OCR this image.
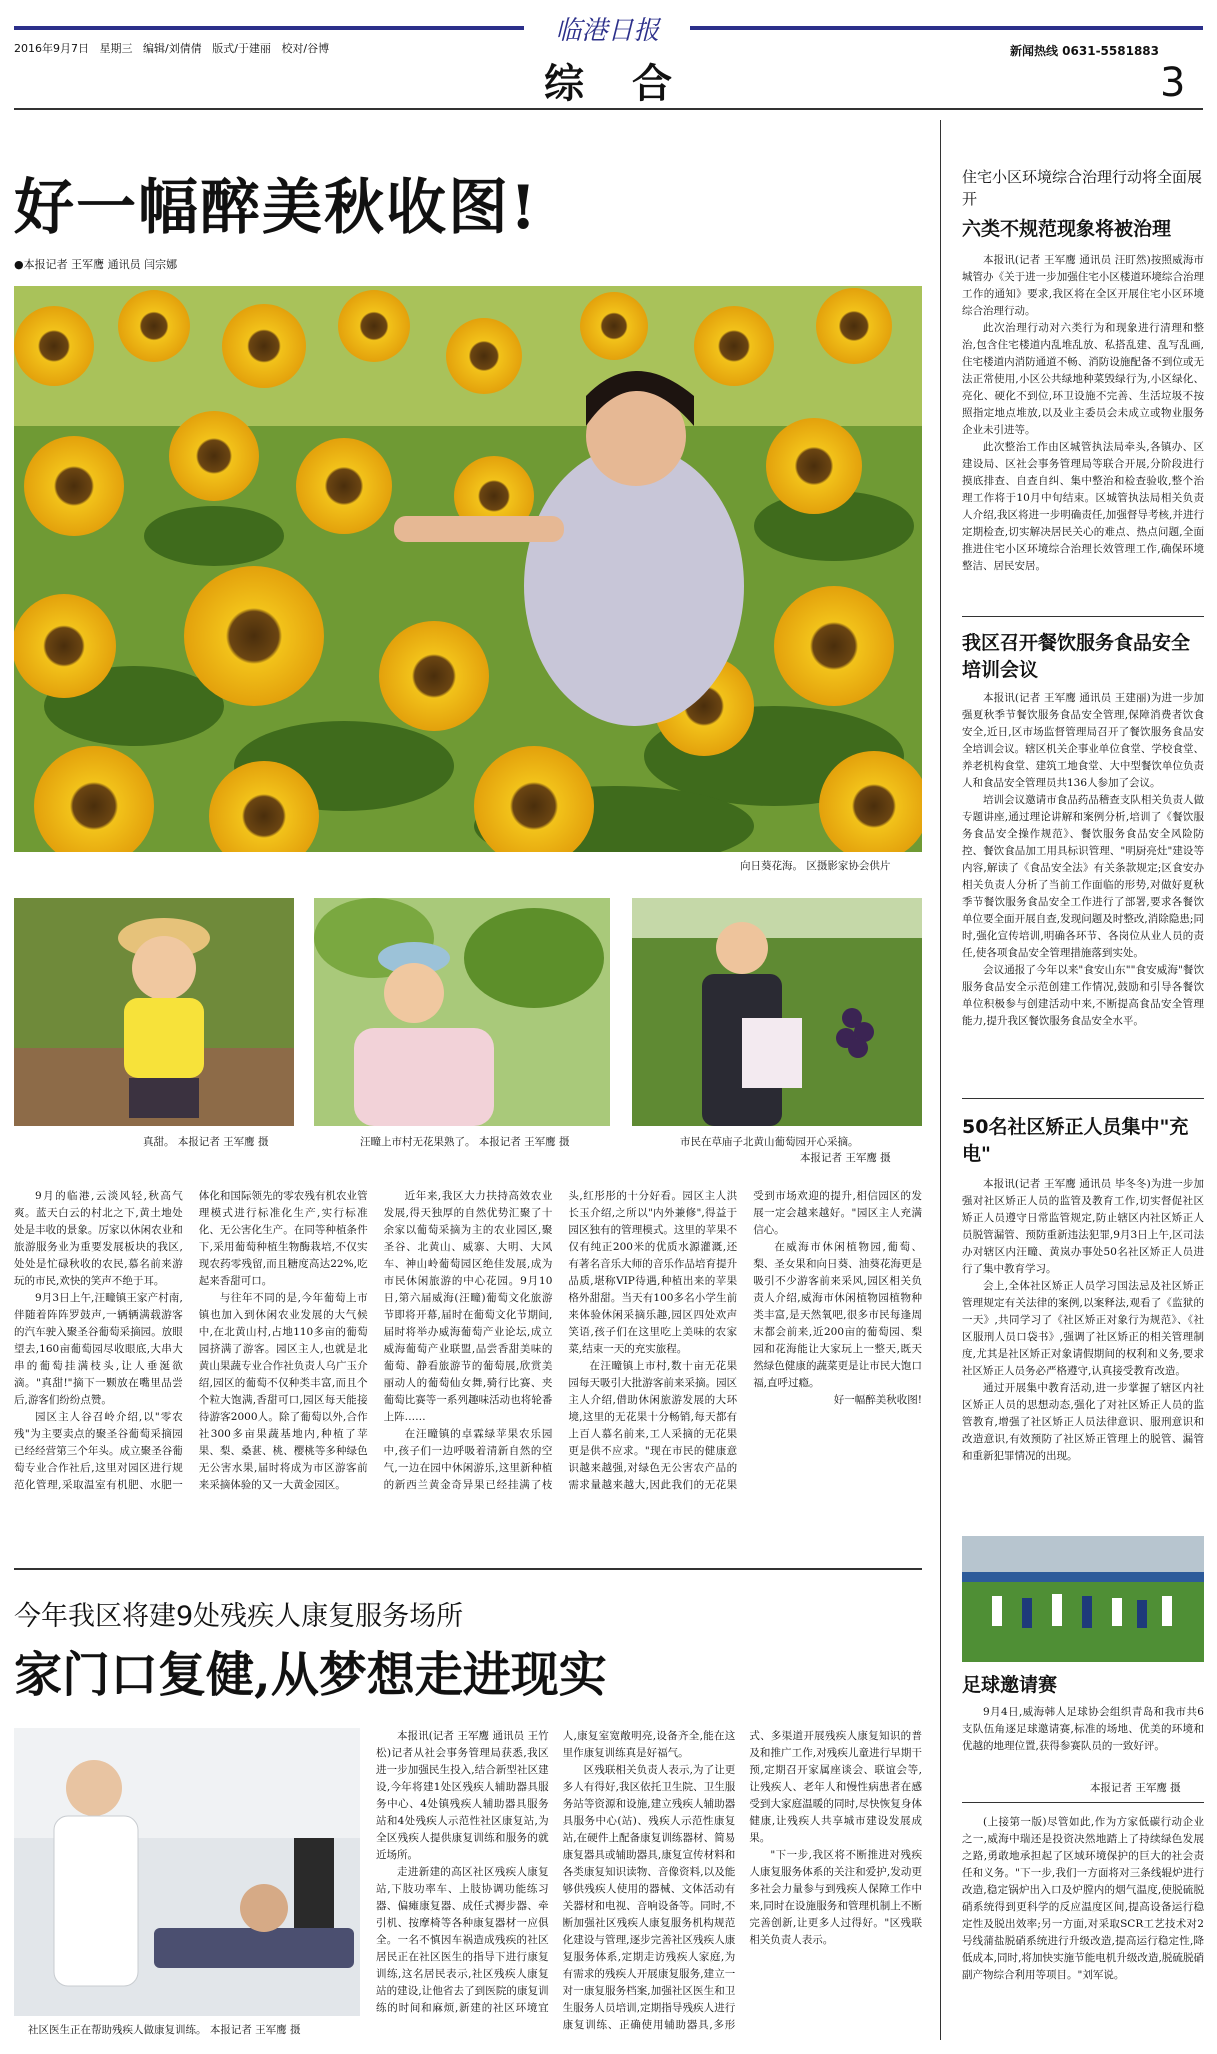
临港日报
2016年9月7日 星期三 编辑/刘倩倩 版式/于建丽 校对/谷博
综　合
新闻热线 0631-5581883
3
好一幅醉美秋收图!
●本报记者 王军鹰 通讯员 闫宗娜
向日葵花海。 区摄影家协会供片
真甜。 本报记者 王军鹰 摄	汪疃上市村无花果熟了。 本报记者 王军鹰 摄	市民在草庙子北黄山葡萄园开心采摘。
本报记者 王军鹰 摄

9月的临港,云淡风轻,秋高气爽。蓝天白云的村北之下,黄土地处处是丰收的景象。厉家以休闲农业和旅游服务业为重要发展板块的我区,处处是忙碌秋收的农民,慕名前来游玩的市民,欢快的笑声不绝于耳。

9月3日上午,汪疃镇王家产村南,伴随着阵阵罗鼓声,一辆辆满载游客的汽车驶入聚圣谷葡萄采摘园。放眼望去,160亩葡萄园尽收眼底,大串大串的葡萄挂满枝头,让人垂涎欲滴。"真甜!"摘下一颗放在嘴里品尝后,游客们纷纷点赞。

园区主人谷召岭介绍,以"零农残"为主要卖点的聚圣谷葡萄采摘园已经经营第三个年头。成立聚圣谷葡萄专业合作社后,这里对园区进行规范化管理,采取温室有机肥、水肥一体化和国际领先的零农残有机农业管理模式进行标准化生产,实行标准化、无公害化生产。在同等种植条件下,采用葡萄种植生物酶栽培,不仅实现农药零残留,而且糖度高达22%,吃起来香甜可口。

与往年不同的是,今年葡萄上市镇也加入到休闲农业发展的大气候中,在北黄山村,占地110多亩的葡萄园挤满了游客。园区主人,也就是北黄山果蔬专业合作社负责人乌广玉介绍,园区的葡萄不仅种类丰富,而且个个粒大饱满,香甜可口,园区每天能接待游客2000人。除了葡萄以外,合作社300多亩果蔬基地内,种植了苹果、梨、桑葚、桃、樱桃等多种绿色无公害水果,届时将成为市区游客前来采摘体验的又一大黄金园区。

近年来,我区大力扶持高效农业发展,得天独厚的自然优势汇聚了十余家以葡萄采摘为主的农业园区,聚圣谷、北黄山、威寨、大明、大风车、神山岭葡萄园区绝佳发展,成为市民休闲旅游的中心花园。9月10日,第六届威海(汪疃)葡萄文化旅游节即将开幕,届时在葡萄文化节期间,届时将举办威海葡萄产业论坛,成立威海葡萄产业联盟,品尝香甜美味的葡萄、静看旅游节的葡萄展,欣赏美丽动人的葡萄仙女舞,骑行比赛、夹葡萄比赛等一系列趣味活动也将轮番上阵……

在汪疃镇的卓霖绿苹果农乐园中,孩子们一边呼吸着清新自然的空气,一边在园中休闲游乐,这里新种植的新西兰黄金奇异果已经挂满了枝头,红彤彤的十分好看。园区主人洪长玉介绍,之所以"内外兼修",得益于园区独有的管理模式。这里的苹果不仅有纯正200米的优质水源灌溉,还有著名音乐大师的音乐作品培育提升品质,堪称VIP待遇,种植出来的苹果格外甜甜。当天有100多名小学生前来体验休闲采摘乐趣,园区四处欢声笑语,孩子们在这里吃上美味的农家菜,结束一天的充实旅程。

在汪疃镇上市村,数十亩无花果园每天吸引大批游客前来采摘。园区主人介绍,借助休闲旅游发展的大环境,这里的无花果十分畅销,每天都有上百人慕名前来,工人采摘的无花果更是供不应求。"现在市民的健康意识越来越强,对绿色无公害农产品的需求量越来越大,因此我们的无花果受到市场欢迎的提升,相信园区的发展一定会越来越好。"园区主人充满信心。

在威海市休闲植物园,葡萄、梨、圣女果和向日葵、油葵花海更是吸引不少游客前来采风,园区相关负责人介绍,威海市休闲植物园植物种类丰富,是天然氧吧,很多市民每逢周末都会前来,近200亩的葡萄园、梨园和花海能让大家玩上一整天,既天然绿色健康的蔬菜更是让市民大饱口福,直呼过瘾。

好一幅醉美秋收图!

今年我区将建9处残疾人康复服务场所
家门口复健,从梦想走进现实
社区医生正在帮助残疾人做康复训练。 本报记者 王军鹰 摄

本报讯(记者 王军鹰 通讯员 王竹松)记者从社会事务管理局获悉,我区进一步加强民生投入,结合新型社区建设,今年将建1处区残疾人辅助器具服务中心、4处镇残疾人辅助器具服务站和4处残疾人示范性社区康复站,为全区残疾人提供康复训练和服务的就近场所。

走进新建的高区社区残疾人康复站,下肢功率车、上肢协调功能练习器、偏瘫康复器、成任式褥步器、牵引机、按摩椅等各种康复器材一应俱全。一名不慎因车祸造成残疾的社区居民正在社区医生的指导下进行康复训练,这名居民表示,社区残疾人康复站的建设,让他省去了到医院的康复训练的时间和麻烦,新建的社区环境宜人,康复室宽敞明亮,设备齐全,能在这里作康复训练真是好福气。

区残联相关负责人表示,为了让更多人有得好,我区依托卫生院、卫生服务站等资源和设施,建立残疾人辅助器具服务中心(站)、残疾人示范性康复站,在硬件上配备康复训练器材、简易康复器具或辅助器具,康复宣传材料和各类康复知识读物、音像资料,以及能够供残疾人使用的器械、文体活动有关器材和电视、音响设备等。同时,不断加强社区残疾人康复服务机构规范化建设与管理,逐步完善社区残疾人康复服务体系,定期走访残疾人家庭,为有需求的残疾人开展康复服务,建立一对一康复服务档案,加强社区医生和卫生服务人员培训,定期指导残疾人进行康复训练、正确使用辅助器具,多形式、多渠道开展残疾人康复知识的普及和推广工作,对残疾儿童进行早期干预,定期召开家属座谈会、联谊会等,让残疾人、老年人和慢性病患者在感受到大家庭温暖的同时,尽快恢复身体健康,让残疾人共享城市建设发展成果。

"下一步,我区将不断推进对残疾人康复服务体系的关注和爱护,发动更多社会力量参与到残疾人保障工作中来,同时在设施服务和管理机制上不断完善创新,让更多人过得好。"区残联相关负责人表示。

住宅小区环境综合治理行动将全面展开
六类不规范现象将被治理

本报讯(记者 王军鹰 通讯员 汪盯然)按照威海市城管办《关于进一步加强住宅小区楼道环境综合治理工作的通知》要求,我区将在全区开展住宅小区环境综合治理行动。

此次治理行动对六类行为和现象进行清理和整治,包含住宅楼道内乱堆乱放、私搭乱建、乱写乱画,住宅楼道内消防通道不畅、消防设施配备不到位或无法正常使用,小区公共绿地种菜毁绿行为,小区绿化、亮化、硬化不到位,环卫设施不完善、生活垃圾不按照指定地点堆放,以及业主委员会未成立或物业服务企业未引进等。

此次整治工作由区城管执法局牵头,各镇办、区建设局、区社会事务管理局等联合开展,分阶段进行摸底排查、自查自纠、集中整治和检查验收,整个治理工作将于10月中旬结束。区城管执法局相关负责人介绍,我区将进一步明确责任,加强督导考核,并进行定期检查,切实解决居民关心的难点、热点问题,全面推进住宅小区环境综合治理长效管理工作,确保环境整洁、居民安居。

我区召开餐饮服务食品安全培训会议

本报讯(记者 王军鹰 通讯员 王建丽)为进一步加强夏秋季节餐饮服务食品安全管理,保障消费者饮食安全,近日,区市场监督管理局召开了餐饮服务食品安全培训会议。辖区机关企事业单位食堂、学校食堂、养老机构食堂、建筑工地食堂、大中型餐饮单位负责人和食品安全管理员共136人参加了会议。

培训会议邀请市食品药品稽查支队相关负责人做专题讲座,通过理论讲解和案例分析,培训了《餐饮服务食品安全操作规范》、餐饮服务食品安全风险防控、餐饮食品加工用具标识管理、"明厨亮灶"建设等内容,解读了《食品安全法》有关条款规定;区食安办相关负责人分析了当前工作面临的形势,对做好夏秋季节餐饮服务食品安全工作进行了部署,要求各餐饮单位要全面开展自查,发现问题及时整改,消除隐患;同时,强化宣传培训,明确各环节、各岗位从业人员的责任,使各项食品安全管理措施落到实处。

会议通报了今年以来"食安山东""食安威海"餐饮服务食品安全示范创建工作情况,鼓励和引导各餐饮单位积极参与创建活动中来,不断提高食品安全管理能力,提升我区餐饮服务食品安全水平。

50名社区矫正人员集中"充电"

本报讯(记者 王军鹰 通讯员 毕冬冬)为进一步加强对社区矫正人员的监管及教育工作,切实督促社区矫正人员遵守日常监管规定,防止辖区内社区矫正人员脱管漏管、预防重新违法犯罪,9月3日上午,区司法办对辖区内汪疃、黄岚办事处50名社区矫正人员进行了集中教育学习。

会上,全体社区矫正人员学习国法忌及社区矫正管理规定有关法律的案例,以案释法,观看了《监狱的一天》,共同学习了《社区矫正对象行为规范》、《社区服刑人员口袋书》,强调了社区矫正的相关管理制度,尤其是社区矫正对象请假期间的权利和义务,要求社区矫正人员务必严格遵守,认真接受教育改造。

通过开展集中教育活动,进一步掌握了辖区内社区矫正人员的思想动态,强化了对社区矫正人员的监管教育,增强了社区矫正人员法律意识、服刑意识和改造意识,有效预防了社区矫正管理上的脱管、漏管和重新犯罪情况的出现。

足球邀请赛

9月4日,威海韩人足球协会组织青岛和我市共6支队伍角逐足球邀请赛,标准的场地、优美的环境和优越的地理位置,获得参赛队员的一致好评。

本报记者 王军鹰 摄

(上接第一版)尽管如此,作为方家低碳行动企业之一,威海中瑞还是投资决然地踏上了持续绿色发展之路,勇敢地承担起了区域环境保护的巨大的社会责任和义务。"下一步,我们一方面将对三条线辊炉进行改造,稳定锅炉出入口及炉膛内的烟气温度,使脱硫脱硝系统得到更科学的反应温度区间,提高设备运行稳定性及脱出效率;另一方面,对采取SCR工艺技术对2号线蒲盐脱硝系统进行升级改造,提高运行稳定性,降低成本,同时,将加快实施节能电机升级改造,脱硫脱硝副产物综合利用等项目。"刘军说。
